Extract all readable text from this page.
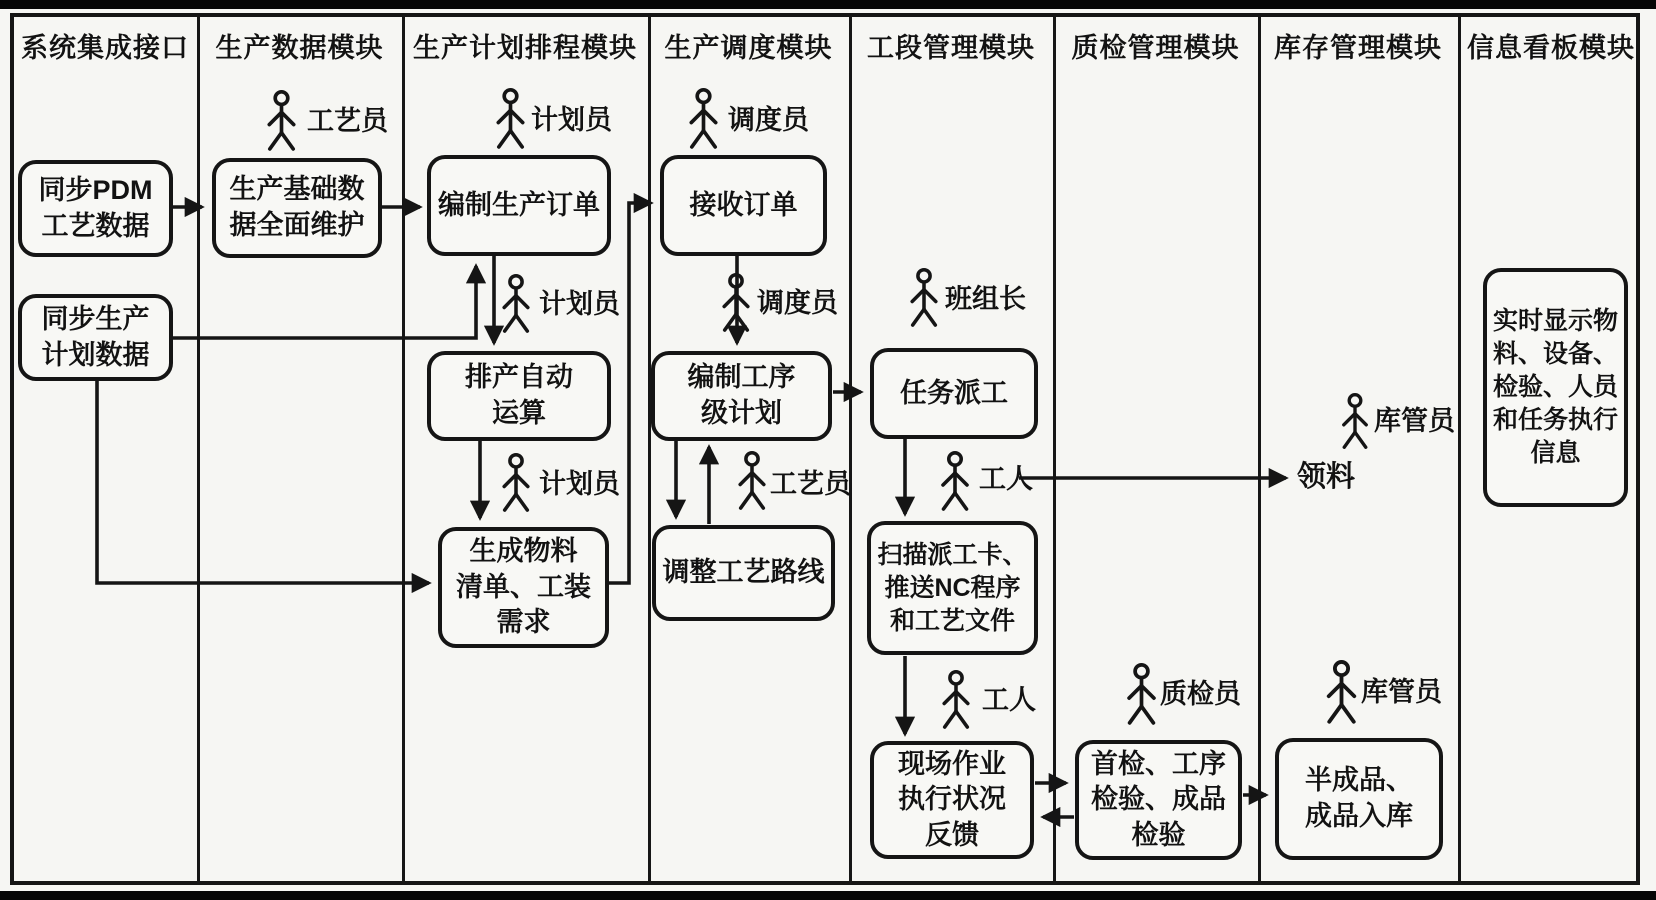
系统集成接口 生产数据模块	生产计划排程模块	生产调度模块	工段管理模块	质检管理模块	库存管理模块 信息看板模块
同步PDM
工艺数据
同步生产
计划数据
生产基础数
据全面维护
编制生产订单
排产自动
运算
生成物料
清单、工装
需求
接收订单
编制工序
级计划
调整工艺路线
任务派工
扫描派工卡、
推送NC程序
和工艺文件
现场作业
执行状况
反馈
首检、工序
检验、成品
检验
半成品、
成品入库
实时显示物
料、设备、
检验、人员
和任务执行
信息
工艺员	计划员	调度员
计划员	调度员
计划员	工艺员
班组长
工人
工人	质检员
库管员
库管员
领料
